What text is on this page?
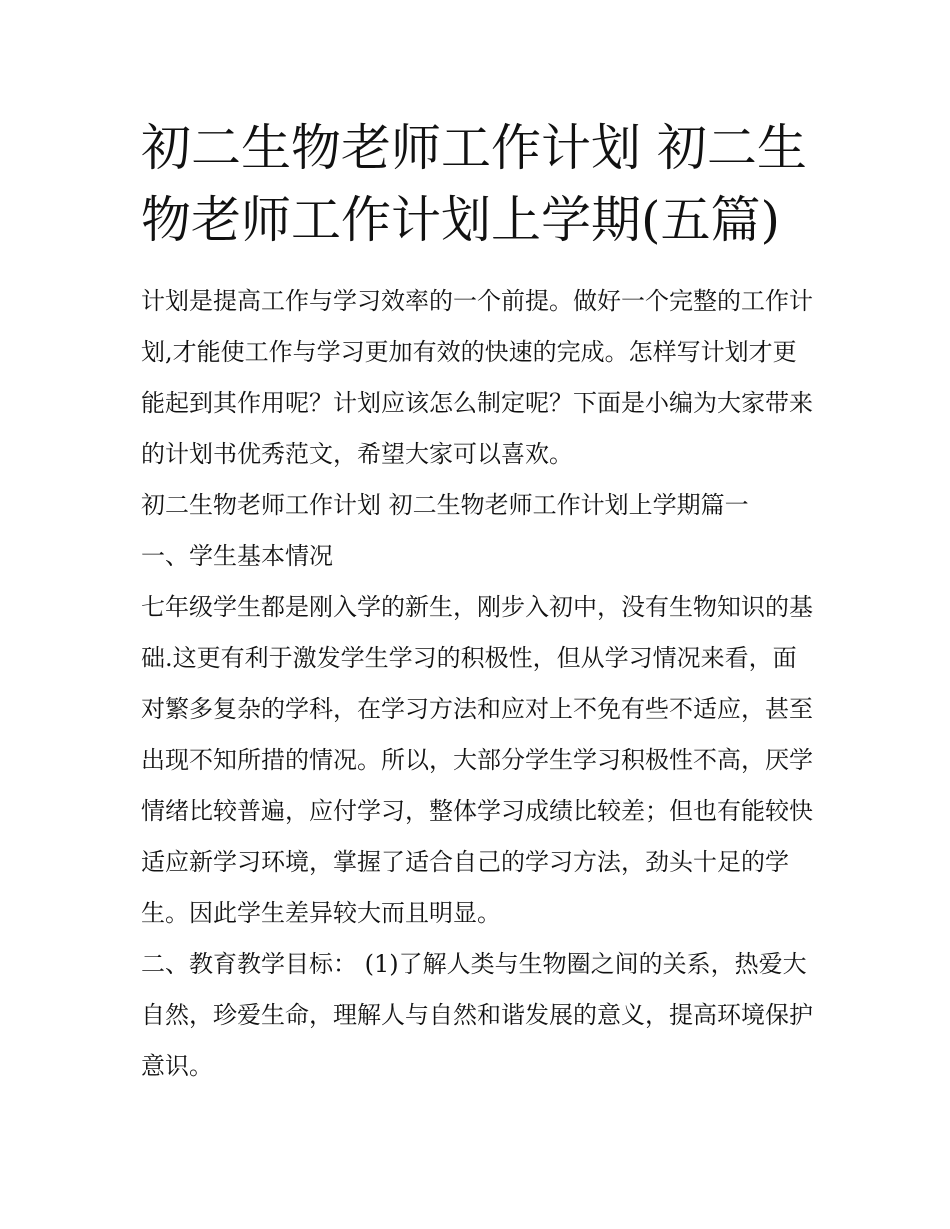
初二生物老师工作计划 初二生物老师工作计划上学期(五篇)

计划是提高工作与学习效率的一个前提。做好一个完整的工作计划,才能使工作与学习更加有效的快速的完成。怎样写计划才更能起到其作用呢？计划应该怎么制定呢？下面是小编为大家带来的计划书优秀范文，希望大家可以喜欢。

初二生物老师工作计划 初二生物老师工作计划上学期篇一

一、学生基本情况

七年级学生都是刚入学的新生，刚步入初中，没有生物知识的基础.这更有利于激发学生学习的积极性，但从学习情况来看，面对繁多复杂的学科，在学习方法和应对上不免有些不适应，甚至出现不知所措的情况。所以，大部分学生学习积极性不高，厌学情绪比较普遍，应付学习，整体学习成绩比较差；但也有能较快适应新学习环境，掌握了适合自己的学习方法，劲头十足的学生。因此学生差异较大而且明显。

二、教育教学目标： (1)了解人类与生物圈之间的关系，热爱大自然，珍爱生命，理解人与自然和谐发展的意义，提高环境保护意识。
